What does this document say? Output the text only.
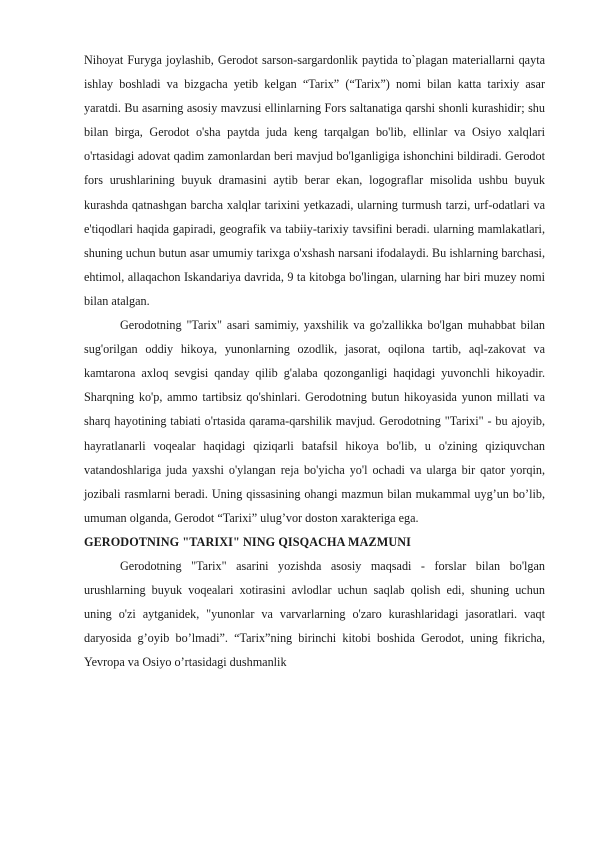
Nihoyat Furyga joylashib, Gerodot sarson-sargardonlik paytida to`plagan materiallarni qayta ishlay boshladi va bizgacha yetib kelgan “Tarix” (“Tarix”) nomi bilan katta tarixiy asar yaratdi. Bu asarning asosiy mavzusi ellinlarning Fors saltanatiga qarshi shonli kurashidir; shu bilan birga, Gerodot o'sha paytda juda keng tarqalgan bo'lib, ellinlar va Osiyo xalqlari o'rtasidagi adovat qadim zamonlardan beri mavjud bo'lganligiga ishonchini bildiradi. Gerodot fors urushlarining buyuk dramasini aytib berar ekan, logograflar misolida ushbu buyuk kurashda qatnashgan barcha xalqlar tarixini yetkazadi, ularning turmush tarzi, urf-odatlari va e'tiqodlari haqida gapiradi, geografik va tabiiy-tarixiy tavsifini beradi. ularning mamlakatlari, shuning uchun butun asar umumiy tarixga o'xshash narsani ifodalaydi. Bu ishlarning barchasi, ehtimol, allaqachon Iskandariya davrida, 9 ta kitobga bo'lingan, ularning har biri muzey nomi bilan atalgan.

Gerodotning "Tarix" asari samimiy, yaxshilik va go'zallikka bo'lgan muhabbat bilan sug'orilgan oddiy hikoya, yunonlarning ozodlik, jasorat, oqilona tartib, aql-zakovat va kamtarona axloq sevgisi qanday qilib g'alaba qozonganligi haqidagi yuvonchli hikoyadir. Sharqning ko'p, ammo tartibsiz qo'shinlari. Gerodotning butun hikoyasida yunon millati va sharq hayotining tabiati o'rtasida qarama-qarshilik mavjud. Gerodotning "Tarixi" - bu ajoyib, hayratlanarli voqealar haqidagi qiziqarli batafsil hikoya bo'lib, u o'zining qiziquvchan vatandoshlariga juda yaxshi o'ylangan reja bo'yicha yo'l ochadi va ularga bir qator yorqin, jozibali rasmlarni beradi. Uning qissasining ohangi mazmun bilan mukammal uyg’un bo’lib, umuman olganda, Gerodot “Tarixi” ulug’vor doston xarakteriga ega.

GERODOTNING "TARIXI" NING QISQACHA MAZMUNI

Gerodotning "Tarix" asarini yozishda asosiy maqsadi - forslar bilan bo'lgan urushlarning buyuk voqealari xotirasini avlodlar uchun saqlab qolish edi, shuning uchun uning o'zi aytganidek, "yunonlar va varvarlarning o'zaro kurashlaridagi jasoratlari. vaqt daryosida g’oyib bo’lmadi”. “Tarix”ning birinchi kitobi boshida Gerodot, uning fikricha, Yevropa va Osiyo o’rtasidagi dushmanlik
